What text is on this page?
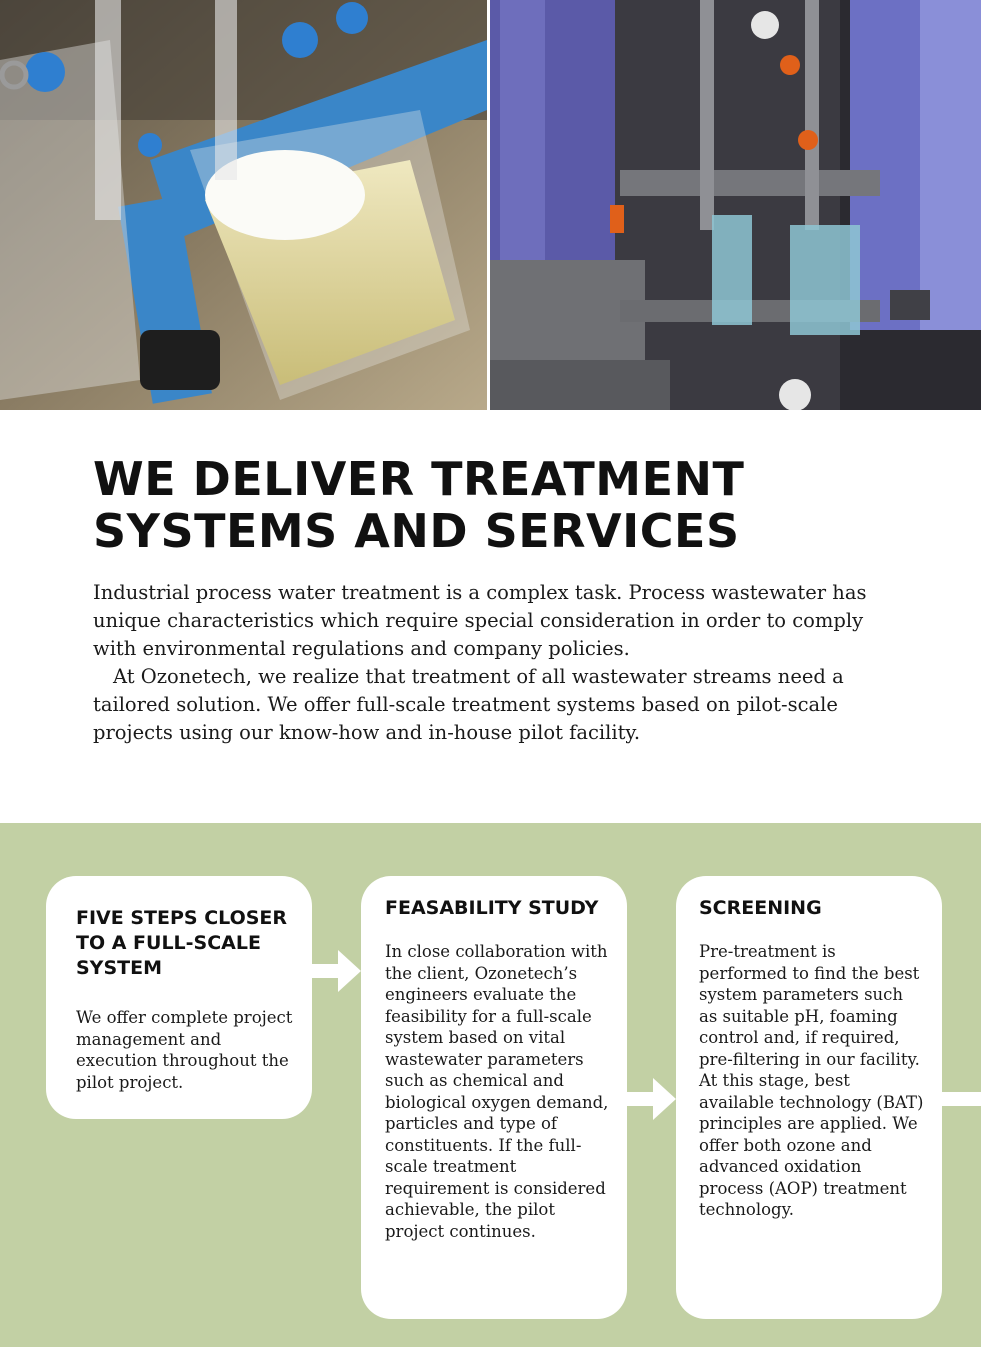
WE DELIVER TREATMENT
SYSTEMS AND SERVICES

Industrial process water treatment is a complex task. Process wastewater has unique characteristics which require special consideration in order to comply with environmental regulations and company policies.

At Ozonetech, we realize that treatment of all wastewater streams need a tailored solution. We offer full-scale treatment systems based on pilot-scale projects using our know-how and in-house pilot facility.

FIVE STEPS CLOSER TO A FULL-SCALE SYSTEM

We offer complete project management and execution throughout the pilot project.

FEASABILITY STUDY

In close collaboration with the client, Ozonetech’s engineers evaluate the feasibility for a full-scale system based on vital wastewater parameters such as chemical and biological oxygen demand, particles and type of constituents. If the full-scale treatment requirement is considered achievable, the pilot project continues.

SCREENING

Pre-treatment is performed to find the best system parameters such as suitable pH, foaming control and, if required, pre-filtering in our facility. At this stage, best available technology (BAT) principles are applied. We offer both ozone and advanced oxidation process (AOP) treatment technology.
